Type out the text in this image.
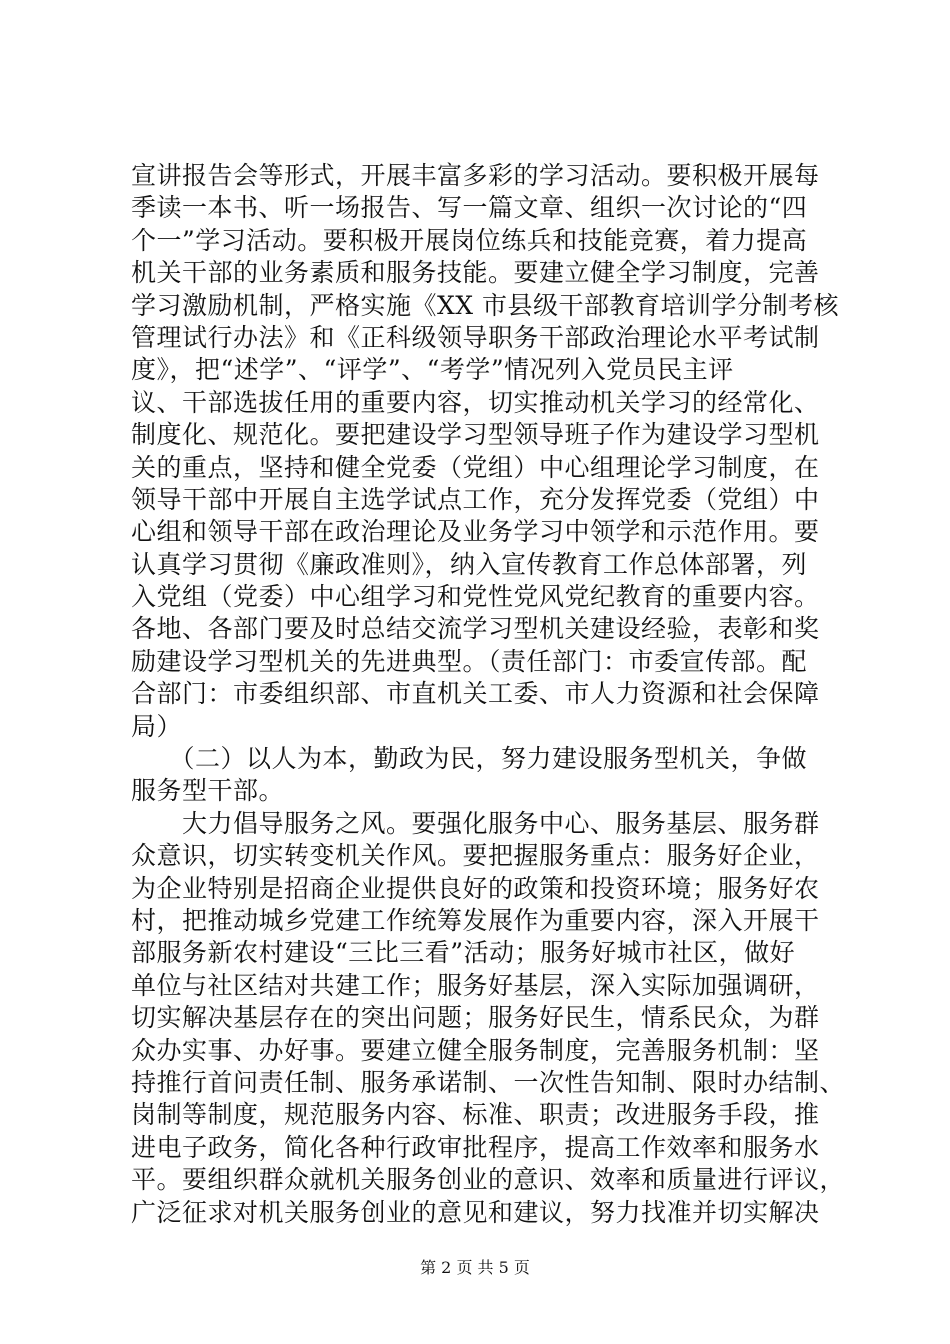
宣讲报告会等形式，开展丰富多彩的学习活动。要积极开展每
季读一本书、听一场报告、写一篇文章、组织一次讨论的“四
个一”学习活动。要积极开展岗位练兵和技能竞赛，着力提高
机关干部的业务素质和服务技能。要建立健全学习制度，完善
学习激励机制，严格实施《XX 市县级干部教育培训学分制考核
管理试行办法》和《正科级领导职务干部政治理论水平考试制
度》，把“述学”、“评学”、“考学”情况列入党员民主评
议、干部选拔任用的重要内容，切实推动机关学习的经常化、
制度化、规范化。要把建设学习型领导班子作为建设学习型机
关的重点，坚持和健全党委（党组）中心组理论学习制度，在
领导干部中开展自主选学试点工作，充分发挥党委（党组）中
心组和领导干部在政治理论及业务学习中领学和示范作用。要
认真学习贯彻《廉政准则》，纳入宣传教育工作总体部署，列
入党组（党委）中心组学习和党性党风党纪教育的重要内容。
各地、各部门要及时总结交流学习型机关建设经验，表彰和奖
励建设学习型机关的先进典型。（责任部门：市委宣传部。配
合部门：市委组织部、市直机关工委、市人力资源和社会保障
局）
　　（二）以人为本，勤政为民，努力建设服务型机关，争做
服务型干部。
　　大力倡导服务之风。要强化服务中心、服务基层、服务群
众意识，切实转变机关作风。要把握服务重点：服务好企业，
为企业特别是招商企业提供良好的政策和投资环境；服务好农
村，把推动城乡党建工作统筹发展作为重要内容，深入开展干
部服务新农村建设“三比三看”活动；服务好城市社区，做好
单位与社区结对共建工作；服务好基层，深入实际加强调研，
切实解决基层存在的突出问题；服务好民生，情系民众，为群
众办实事、办好事。要建立健全服务制度，完善服务机制：坚
持推行首问责任制、服务承诺制、一次性告知制、限时办结制、
岗制等制度，规范服务内容、标准、职责；改进服务手段，推
进电子政务，简化各种行政审批程序，提高工作效率和服务水
平。要组织群众就机关服务创业的意识、效率和质量进行评议，
广泛征求对机关服务创业的意见和建议，努力找准并切实解决
第 2 页 共 5 页
